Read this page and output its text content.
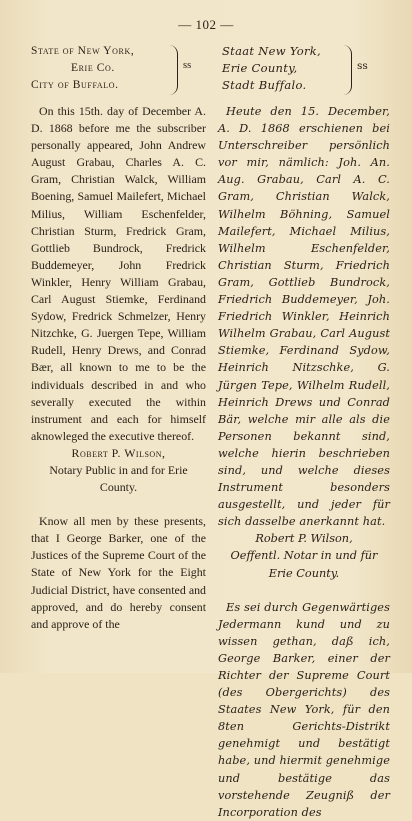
— 102 —
State of New York,
Erie Co.
City of Buffalo.
ss

On this 15th. day of December A. D. 1868 before me the subscriber personally appeared, John Andrew August Grabau, Charles A. C. Gram, Christian Walck, William Boening, Samuel Mailefert, Michael Milius, William Eschenfelder, Christian Sturm, Fredrick Gram, Gottlieb Bundrock, Fredrick Buddemeyer, John Fredrick Winkler, Henry William Grabau, Carl August Stiemke, Ferdinand Sydow, Fredrick Schmelzer, Henry Nitzchke, G. Juergen Tepe, William Rudell, Henry Drews, and Conrad Bær, all known to me to be the individuals described in and who severally executed the within instrument and each for himself aknowleged the executive thereof.

Robert P. Wilson,
Notary Public in and for Erie County.

Know all men by these presents, that I George Barker, one of the Justices of the Supreme Court of the State of New York for the Eight Judicial District, have consented and approved, and do hereby consent and approve of the

Staat New York,
Erie County,
Stadt Buffalo.
ss

Heute den 15. December, A. D. 1868 erschienen bei Unterschreiber persönlich vor mir, nämlich: Joh. An. Aug. Grabau, Carl A. C. Gram, Christian Walck, Wilhelm Böhning, Samuel Mailefert, Michael Milius, Wilhelm Eschenfelder, Christian Sturm, Friedrich Gram, Gottlieb Bundrock, Friedrich Buddemeyer, Joh. Friedrich Winkler, Heinrich Wilhelm Grabau, Carl August Stiemke, Ferdinand Sydow, Heinrich Nitzschke, G. Jürgen Tepe, Wilhelm Rudell, Heinrich Drews und Conrad Bär, welche mir alle als die Personen bekannt sind, welche hierin beschrieben sind, und welche dieses Instrument besonders ausgestellt, und jeder für sich dasselbe anerkannt hat.

Robert P. Wilson,
Oeffentl. Notar in und für Erie County.

Es sei durch Gegenwärtiges Jedermann kund und zu wissen gethan, daß ich, George Barker, einer der Richter der Supreme Court (des Obergerichts) des Staates New York, für den 8ten Gerichts-Distrikt genehmigt und bestätigt habe, und hiermit genehmige und bestätige das vorstehende Zeugniß der Incorporation des
